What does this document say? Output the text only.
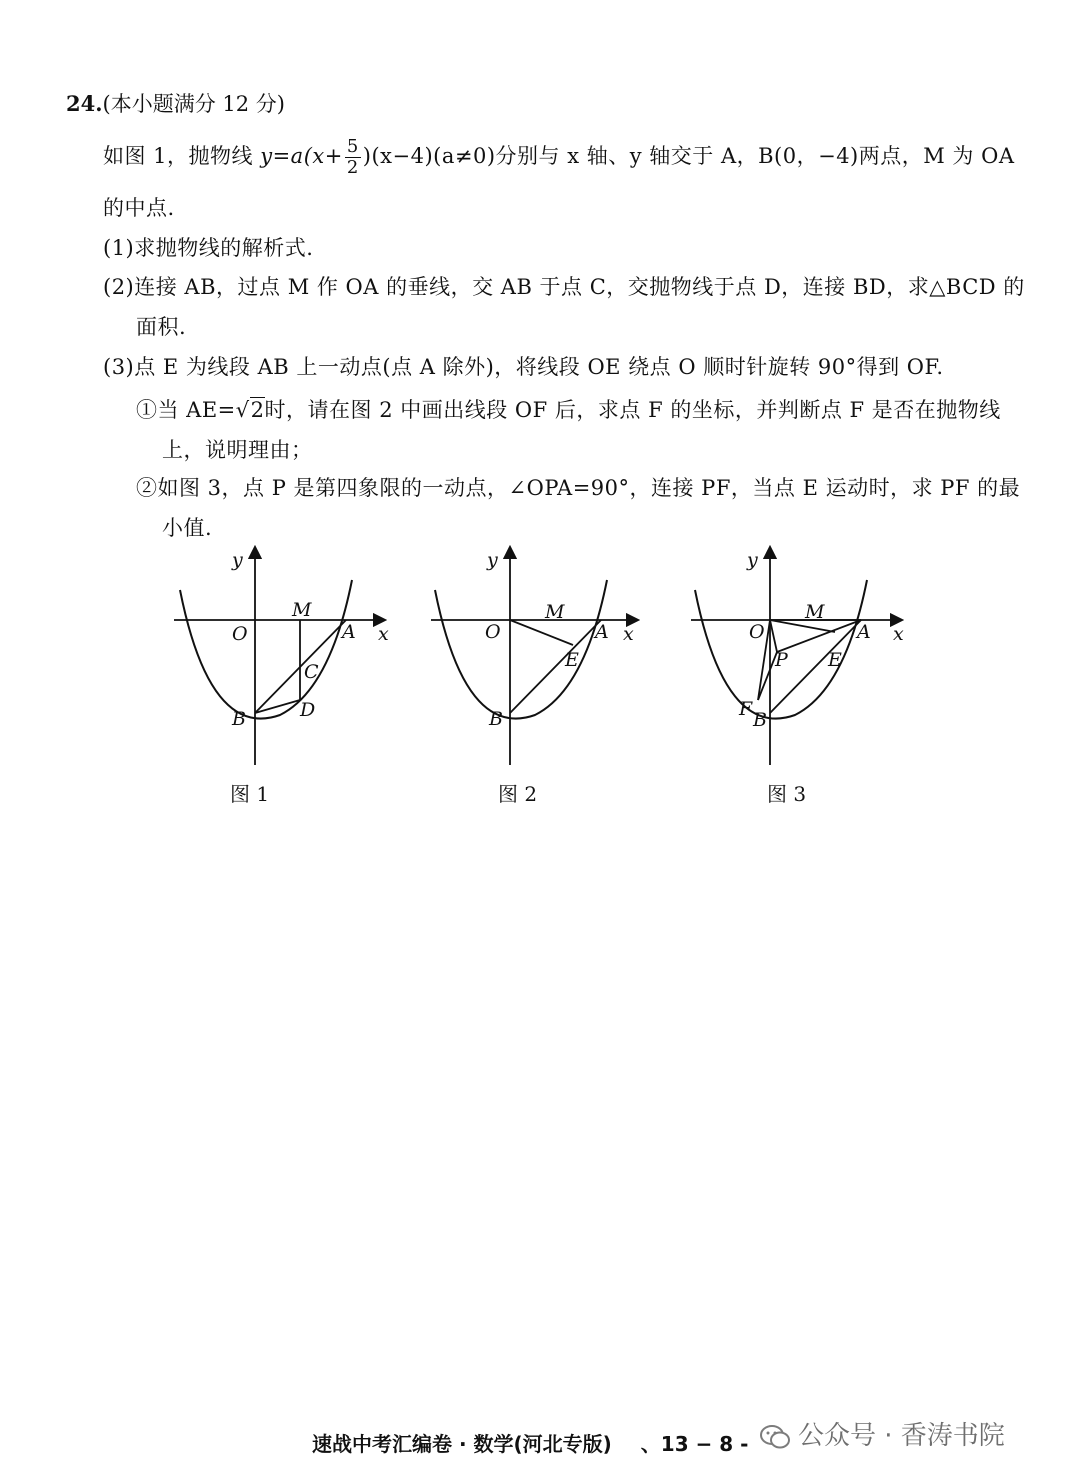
24.(本小题满分 12 分)
如图 1，抛物线 $y=a(x+ \frac{5}{2} )(x-4)(a\ne 0)$分别与 x 轴、y 轴交于 A，B(0，−4)两点，M 为 OA
的中点.
(1)求抛物线的解析式.
(2)连接 AB，过点 M 作 OA 的垂线，交 AB 于点 C，交抛物线于点 D，连接 BD，求△BCD 的
面积.
(3)点 E 为线段 AB 上一动点(点 A 除外)，将线段 OE 绕点 O 顺时针旋转 90°得到 OF.
①当 AE=√2时，请在图 2 中画出线段 OF 后，求点 F 的坐标，并判断点 F 是否在抛物线
上，说明理由；
②如图 3，点 P 是第四象限的一动点，∠OPA=90°，连接 PF，当点 E 运动时，求 PF 的最
小值.
y
x
O
M
A
C
B	D
y
x
O
M
A
E
B
y
x
O
M
A
P E
F B
图 1	图 2	图 3
速战中考汇编卷 · 数学(河北专版) 、13 − 8 -	公众号 · 香涛书院
